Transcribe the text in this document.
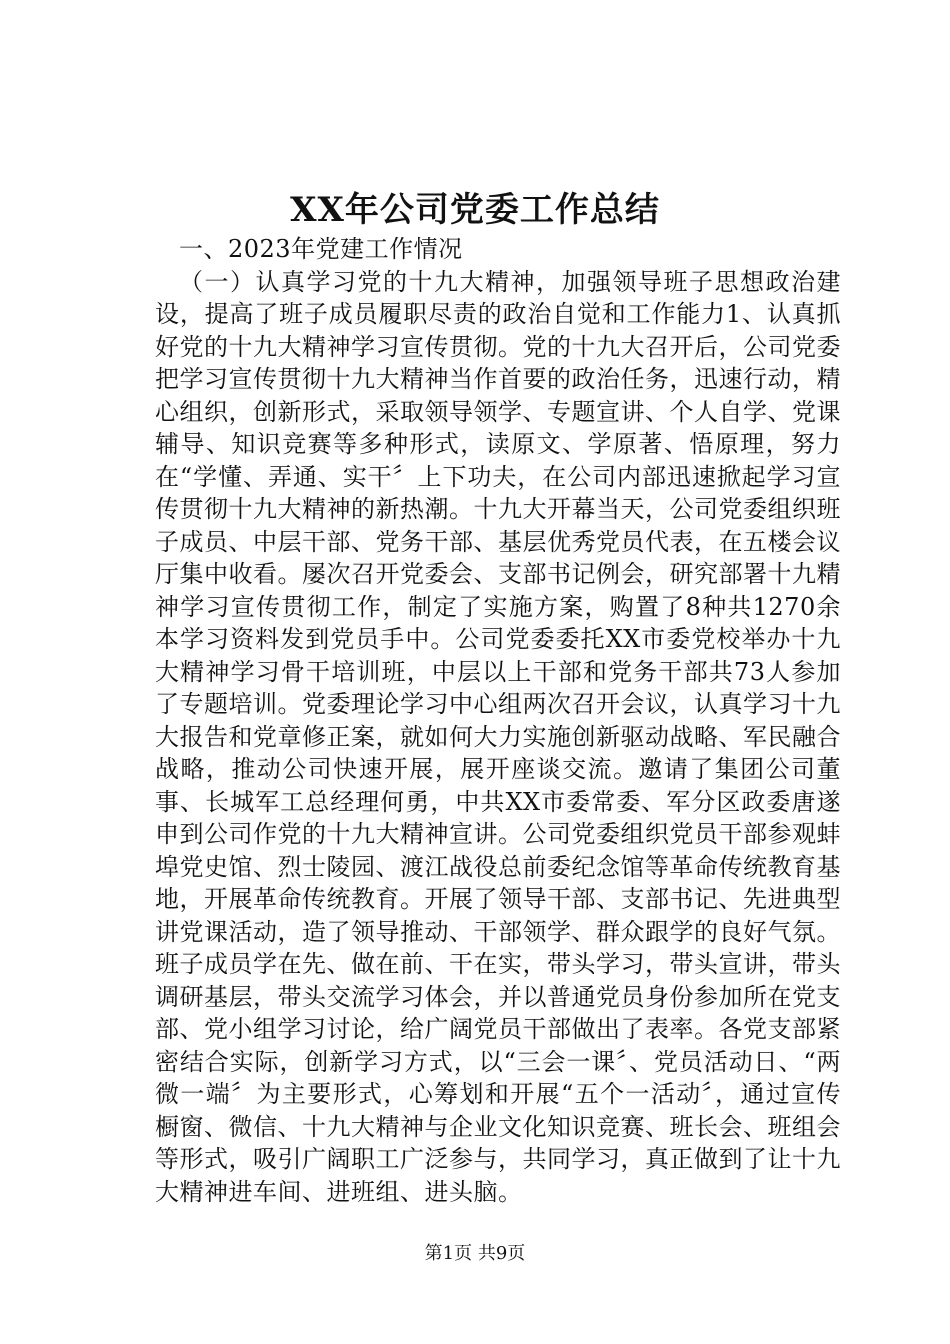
XX年公司党委工作总结

一、2023年党建工作情况

（一）认真学习党的十九大精神，加强领导班子思想政治建设，提高了班子成员履职尽责的政治自觉和工作能力1、认真抓好党的十九大精神学习宣传贯彻。党的十九大召开后，公司党委把学习宣传贯彻十九大精神当作首要的政治任务，迅速行动，精心组织，创新形式，采取领导领学、专题宣讲、个人自学、党课辅导、知识竞赛等多种形式，读原文、学原著、悟原理，努力在“学懂、弄通、实干〞上下功夫，在公司内部迅速掀起学习宣传贯彻十九大精神的新热潮。十九大开幕当天，公司党委组织班子成员、中层干部、党务干部、基层优秀党员代表，在五楼会议厅集中收看。屡次召开党委会、支部书记例会，研究部署十九精神学习宣传贯彻工作，制定了实施方案，购置了8种共1270余本学习资料发到党员手中。公司党委委托XX市委党校举办十九大精神学习骨干培训班，中层以上干部和党务干部共73人参加了专题培训。党委理论学习中心组两次召开会议，认真学习十九大报告和党章修正案，就如何大力实施创新驱动战略、军民融合战略，推动公司快速开展，展开座谈交流。邀请了集团公司董事、长城军工总经理何勇，中共XX市委常委、军分区政委唐遂申到公司作党的十九大精神宣讲。公司党委组织党员干部参观蚌埠党史馆、烈士陵园、渡江战役总前委纪念馆等革命传统教育基地，开展革命传统教育。开展了领导干部、支部书记、先进典型讲党课活动，造了领导推动、干部领学、群众跟学的良好气氛。班子成员学在先、做在前、干在实，带头学习，带头宣讲，带头调研基层，带头交流学习体会，并以普通党员身份参加所在党支部、党小组学习讨论，给广阔党员干部做出了表率。各党支部紧密结合实际，创新学习方式，以“三会一课〞、党员活动日、“两微一端〞为主要形式，心筹划和开展“五个一活动〞，通过宣传橱窗、微信、十九大精神与企业文化知识竞赛、班长会、班组会等形式，吸引广阔职工广泛参与，共同学习，真正做到了让十九大精神进车间、进班组、进头脑。

第1页 共9页
